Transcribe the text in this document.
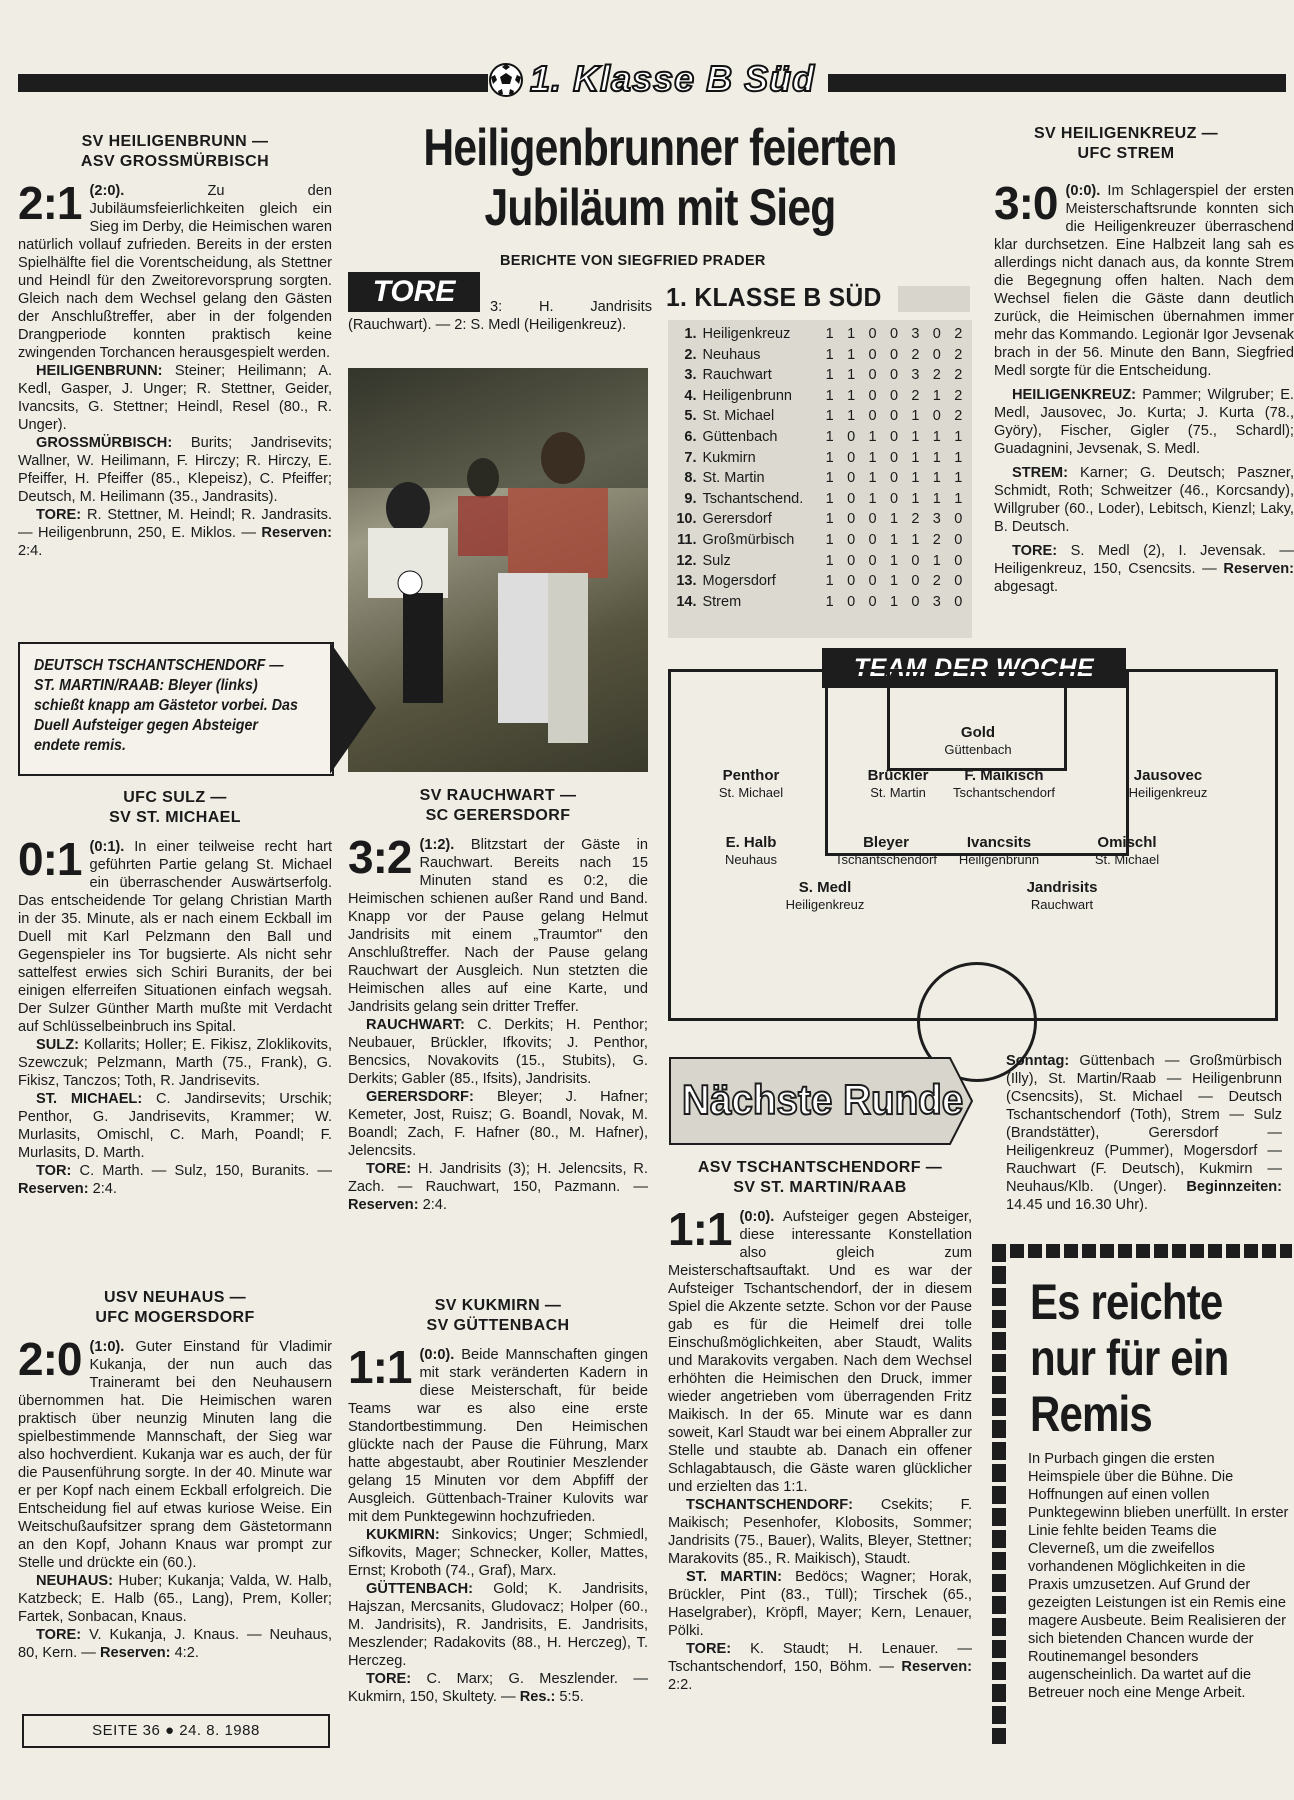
1. Klasse B Süd
Heiligenbrunner feierten
Jubiläum mit Sieg
BERICHTE VON SIEGFRIED PRADER
TORE	3: H. Jandrisits (Rauchwart). — 2: S. Medl (Heiligenkreuz).
DEUTSCH TSCHANTSCHENDORF — ST. MARTIN/RAAB: Bleyer (links) schießt knapp am Gästetor vorbei. Das Duell Aufsteiger gegen Absteiger endete remis.
SV HEILIGENBRUNN —
ASV GROSSMÜRBISCH
2:1 (2:0). Zu den Jubiläumsfeierlichkeiten gleich ein Sieg im Derby, die Heimischen waren natürlich vollauf zufrieden. Bereits in der ersten Spielhälfte fiel die Vorentscheidung, als Stettner und Heindl für den Zweitorevorsprung sorgten. Gleich nach dem Wechsel gelang den Gästen der Anschlußtreffer, aber in der folgenden Drangperiode konnten praktisch keine zwingenden Torchancen herausgespielt werden.

HEILIGENBRUNN: Steiner; Heilimann; A. Kedl, Gasper, J. Unger; R. Stettner, Geider, Ivancsits, G. Stettner; Heindl, Resel (80., R. Unger).

GROSSMÜRBISCH: Burits; Jandrisevits; Wallner, W. Heilimann, F. Hirczy; R. Hirczy, E. Pfeiffer, H. Pfeiffer (85., Klepeisz), C. Pfeiffer; Deutsch, M. Heilimann (35., Jandrasits).

TORE: R. Stettner, M. Heindl; R. Jandrasits. — Heiligenbrunn, 250, E. Miklos. — Reserven: 2:4.

UFC SULZ —
SV ST. MICHAEL
0:1 (0:1). In einer teilweise recht hart geführten Partie gelang St. Michael ein überraschender Auswärtserfolg. Das entscheidende Tor gelang Christian Marth in der 35. Minute, als er nach einem Eckball im Duell mit Karl Pelzmann den Ball und Gegenspieler ins Tor bugsierte. Als nicht sehr sattelfest erwies sich Schiri Buranits, der bei einigen elferreifen Situationen einfach wegsah. Der Sulzer Günther Marth mußte mit Verdacht auf Schlüsselbeinbruch ins Spital.

SULZ: Kollarits; Holler; E. Fikisz, Zloklikovits, Szewczuk; Pelzmann, Marth (75., Frank), G. Fikisz, Tanczos; Toth, R. Jandrisevits.

ST. MICHAEL: C. Jandirsevits; Urschik; Penthor, G. Jandrisevits, Krammer; W. Murlasits, Omischl, C. Marh, Poandl; F. Murlasits, D. Marth.

TOR: C. Marth. — Sulz, 150, Buranits. — Reserven: 2:4.

USV NEUHAUS —
UFC MOGERSDORF
2:0 (1:0). Guter Einstand für Vladimir Kukanja, der nun auch das Traineramt bei den Neuhausern übernommen hat. Die Heimischen waren praktisch über neunzig Minuten lang die spielbestimmende Mannschaft, der Sieg war also hochverdient. Kukanja war es auch, der für die Pausenführung sorgte. In der 40. Minute war er per Kopf nach einem Eckball erfolgreich. Die Entscheidung fiel auf etwas kuriose Weise. Ein Weitschußaufsitzer sprang dem Gästetormann an den Kopf, Johann Knaus war prompt zur Stelle und drückte ein (60.).

NEUHAUS: Huber; Kukanja; Valda, W. Halb, Katzbeck; E. Halb (65., Lang), Prem, Koller; Fartek, Sonbacan, Knaus.

TORE: V. Kukanja, J. Knaus. — Neuhaus, 80, Kern. — Reserven: 4:2.

SEITE 36 ● 24. 8. 1988
SV RAUCHWART —
SC GERERSDORF
3:2 (1:2). Blitzstart der Gäste in Rauchwart. Bereits nach 15 Minuten stand es 0:2, die Heimischen schienen außer Rand und Band. Knapp vor der Pause gelang Helmut Jandrisits mit einem „Traumtor" den Anschlußtreffer. Nach der Pause gelang Rauchwart der Ausgleich. Nun stetzten die Heimischen alles auf eine Karte, und Jandrisits gelang sein dritter Treffer.

RAUCHWART: C. Derkits; H. Penthor; Neubauer, Brückler, Ifkovits; J. Penthor, Bencsics, Novakovits (15., Stubits), G. Derkits; Gabler (85., Ifsits), Jandrisits.

GERERSDORF: Bleyer; J. Hafner; Kemeter, Jost, Ruisz; G. Boandl, Novak, M. Boandl; Zach, F. Hafner (80., M. Hafner), Jelencsits.

TORE: H. Jandrisits (3); H. Jelencsits, R. Zach. — Rauchwart, 150, Pazmann. — Reserven: 2:4.

SV KUKMIRN —
SV GÜTTENBACH
1:1 (0:0). Beide Mannschaften gingen mit stark veränderten Kadern in diese Meisterschaft, für beide Teams war es also eine erste Standortbestimmung. Den Heimischen glückte nach der Pause die Führung, Marx hatte abgestaubt, aber Routinier Meszlender gelang 15 Minuten vor dem Abpfiff der Ausgleich. Güttenbach-Trainer Kulovits war mit dem Punktegewinn hochzufrieden.

KUKMIRN: Sinkovics; Unger; Schmiedl, Sifkovits, Mager; Schnecker, Koller, Mattes, Ernst; Kroboth (74., Graf), Marx.

GÜTTENBACH: Gold; K. Jandrisits, Hajszan, Mercsanits, Gludovacz; Holper (60., M. Jandrisits), R. Jandrisits, E. Jandrisits, Meszlender; Radakovits (88., H. Herczeg), T. Herczeg.

TORE: C. Marx; G. Meszlender. — Kukmirn, 150, Skultety. — Res.: 5:5.

1. KLASSE B SÜD
1.	Heiligenkreuz	1	1	0	0	3	0	2
2.	Neuhaus	1	1	0	0	2	0	2
3.	Rauchwart	1	1	0	0	3	2	2
4.	Heiligenbrunn	1	1	0	0	2	1	2
5.	St. Michael	1	1	0	0	1	0	2
6.	Güttenbach	1	0	1	0	1	1	1
7.	Kukmirn	1	0	1	0	1	1	1
8.	St. Martin	1	0	1	0	1	1	1
9.	Tschantschend.	1	0	1	0	1	1	1
10.	Gerersdorf	1	0	0	1	2	3	0
11.	Großmürbisch	1	0	0	1	1	2	0
12.	Sulz	1	0	0	1	0	1	0
13.	Mogersdorf	1	0	0	1	0	2	0
14.	Strem	1	0	0	1	0	3	0
TEAM DER WOCHE
Gold
Güttenbach
Penthor
St. Michael
Brückler
St. Martin
F. Maikisch
Tschantschendorf
Jausovec
Heiligenkreuz
E. Halb
Neuhaus
Bleyer
Tschantschendorf
Ivancsits
Heiligenbrunn
Omischl
St. Michael
S. Medl
Heiligenkreuz
Jandrisits
Rauchwart
Nächste Runde
Sonntag: Güttenbach — Großmürbisch (Illy), St. Martin/Raab — Heiligenbrunn (Csencsits), St. Michael — Deutsch Tschantschendorf (Toth), Strem — Sulz (Brandstätter), Gerersdorf — Heiligenkreuz (Pummer), Mogersdorf — Rauchwart (F. Deutsch), Kukmirn — Neuhaus/Klb. (Unger). Beginnzeiten: 14.45 und 16.30 Uhr).
ASV TSCHANTSCHENDORF —
SV ST. MARTIN/RAAB
1:1 (0:0). Aufsteiger gegen Absteiger, diese interessante Konstellation also gleich zum Meisterschaftsauftakt. Und es war der Aufsteiger Tschantschendorf, der in diesem Spiel die Akzente setzte. Schon vor der Pause gab es für die Heimelf drei tolle Einschußmöglichkeiten, aber Staudt, Walits und Marakovits vergaben. Nach dem Wechsel erhöhten die Heimischen den Druck, immer wieder angetrieben vom überragenden Fritz Maikisch. In der 65. Minute war es dann soweit, Karl Staudt war bei einem Abpraller zur Stelle und staubte ab. Danach ein offener Schlagabtausch, die Gäste waren glücklicher und erzielten das 1:1.

TSCHANTSCHENDORF: Csekits; F. Maikisch; Pesenhofer, Klobosits, Sommer; Jandrisits (75., Bauer), Walits, Bleyer, Stettner; Marakovits (85., R. Maikisch), Staudt.

ST. MARTIN: Bedöcs; Wagner; Horak, Brückler, Pint (83., Tüll); Tirschek (65., Haselgraber), Kröpfl, Mayer; Kern, Lenauer, Pölki.

TORE: K. Staudt; H. Lenauer. — Tschantschendorf, 150, Böhm. — Reserven: 2:2.

SV HEILIGENKREUZ —
UFC STREM
3:0 (0:0). Im Schlagerspiel der ersten Meisterschaftsrunde konnten sich die Heiligenkreuzer überraschend klar durchsetzen. Eine Halbzeit lang sah es allerdings nicht danach aus, da konnte Strem die Begegnung offen halten. Nach dem Wechsel fielen die Gäste dann deutlich zurück, die Heimischen übernahmen immer mehr das Kommando. Legionär Igor Jevsenak brach in der 56. Minute den Bann, Siegfried Medl sorgte für die Entscheidung.

HEILIGENKREUZ: Pammer; Wilgruber; E. Medl, Jausovec, Jo. Kurta; J. Kurta (78., Györy), Fischer, Gigler (75., Schardl); Guadagnini, Jevsenak, S. Medl.

STREM: Karner; G. Deutsch; Paszner, Schmidt, Roth; Schweitzer (46., Korcsandy), Willgruber (60., Loder), Lebitsch, Kienzl; Laky, B. Deutsch.

TORE: S. Medl (2), I. Jevensak. — Heiligenkreuz, 150, Csencsits. — Reserven: abgesagt.

Es reichte nur für ein Remis
In Purbach gingen die ersten Heimspiele über die Bühne. Die Hoffnungen auf einen vollen Punktegewinn blieben unerfüllt. In erster Linie fehlte beiden Teams die Cleverneß, um die zweifellos vorhandenen Möglichkeiten in die Praxis umzusetzen. Auf Grund der gezeigten Leistungen ist ein Remis eine magere Ausbeute. Beim Realisieren der sich bietenden Chancen wurde der Routinemangel besonders augenscheinlich. Da wartet auf die Betreuer noch eine Menge Arbeit.
